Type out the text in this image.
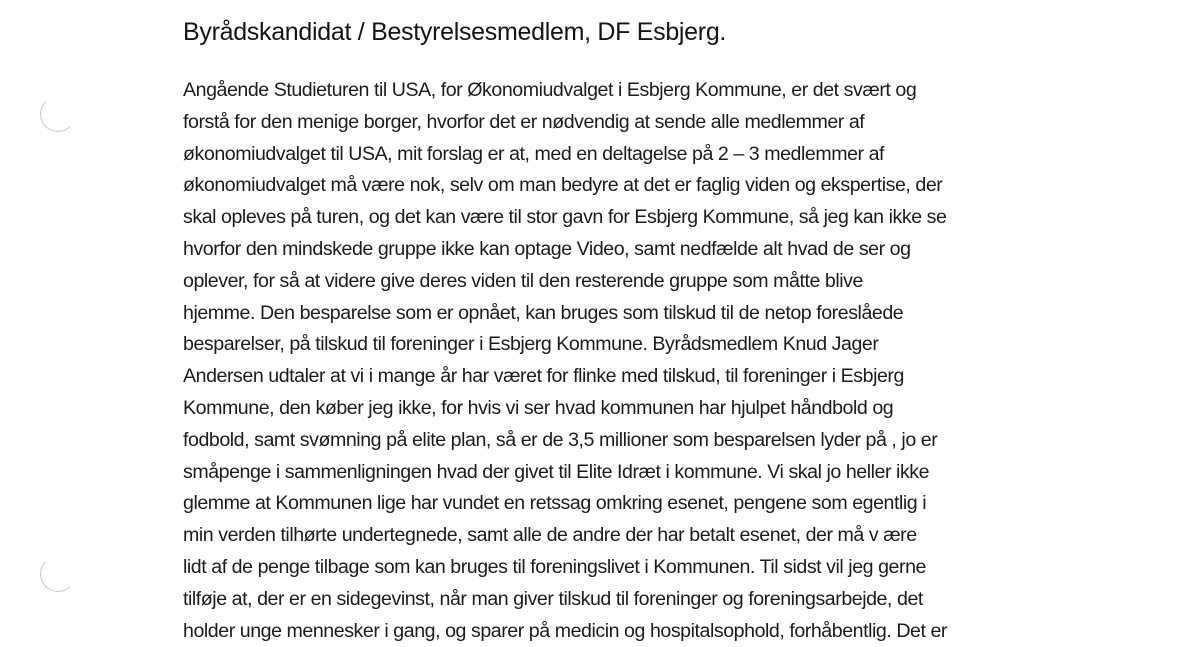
Byrådskandidat / Bestyrelsesmedlem, DF Esbjerg.
Angående Studieturen til USA, for Økonomiudvalget i Esbjerg Kommune, er det svært og
forstå for den menige borger, hvorfor det er nødvendig at sende alle medlemmer af
økonomiudvalget til USA, mit forslag er at, med en deltagelse på 2 – 3 medlemmer af
økonomiudvalget må være nok, selv om man bedyre at det er faglig viden og ekspertise, der
skal opleves på turen, og det kan være til stor gavn for Esbjerg Kommune, så jeg kan ikke se
hvorfor den mindskede gruppe ikke kan optage Video, samt nedfælde alt hvad de ser og
oplever, for så at videre give deres viden til den resterende gruppe som måtte blive
hjemme. Den besparelse som er opnået, kan bruges som tilskud til de netop foreslåede
besparelser, på tilskud til foreninger i Esbjerg Kommune. Byrådsmedlem Knud Jager
Andersen udtaler at vi i mange år har været for flinke med tilskud, til foreninger i Esbjerg
Kommune, den køber jeg ikke, for hvis vi ser hvad kommunen har hjulpet håndbold og
fodbold, samt svømning på elite plan, så er de 3,5 millioner som besparelsen lyder på , jo er
småpenge i sammenligningen hvad der givet til Elite Idræt i kommune. Vi skal jo heller ikke
glemme at Kommunen lige har vundet en retssag omkring esenet, pengene som egentlig i
min verden tilhørte undertegnede, samt alle de andre der har betalt esenet, der må v ære
lidt af de penge tilbage som kan bruges til foreningslivet i Kommunen. Til sidst vil jeg gerne
tilføje at, der er en sidegevinst, når man giver tilskud til foreninger og foreningsarbejde, det
holder unge mennesker i gang, og sparer på medicin og hospitalsophold, forhåbentlig. Det er
